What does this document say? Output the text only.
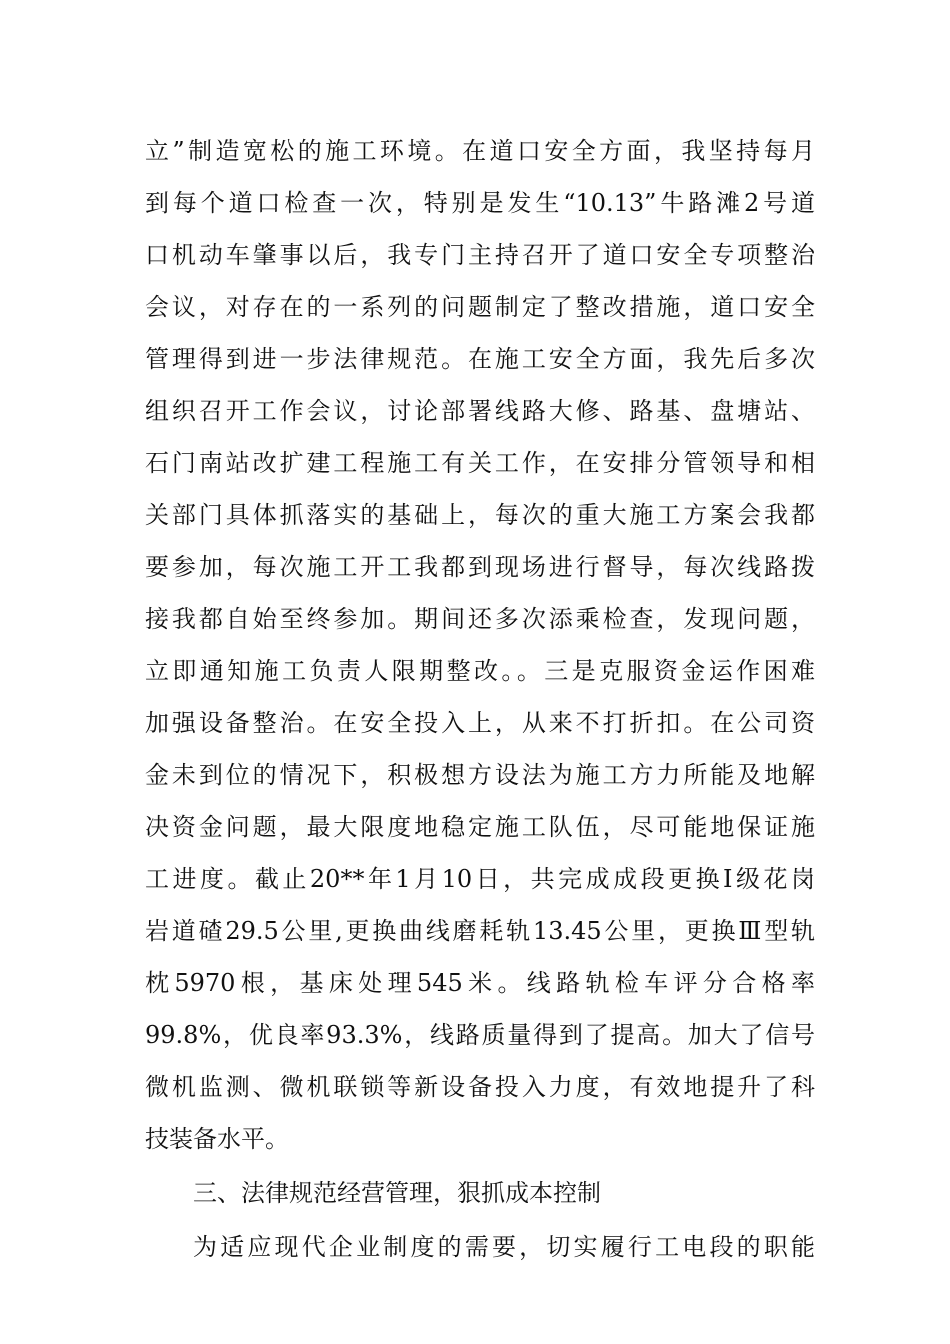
立”制造宽松的施工环境。在道口安全方面，我坚持每月
到每个道口检查一次，特别是发生“10.13”牛路滩2号道
口机动车肇事以后，我专门主持召开了道口安全专项整治
会议，对存在的一系列的问题制定了整改措施，道口安全
管理得到进一步法律规范。在施工安全方面，我先后多次
组织召开工作会议，讨论部署线路大修、路基、盘塘站、
石门南站改扩建工程施工有关工作，在安排分管领导和相
关部门具体抓落实的基础上，每次的重大施工方案会我都
要参加，每次施工开工我都到现场进行督导，每次线路拨
接我都自始至终参加。期间还多次添乘检查，发现问题，
立即通知施工负责人限期整改。。三是克服资金运作困难
加强设备整治。在安全投入上，从来不打折扣。在公司资
金未到位的情况下，积极想方设法为施工方力所能及地解
决资金问题，最大限度地稳定施工队伍，尽可能地保证施
工进度。截止20**年1月10日，共完成成段更换Ⅰ级花岗
岩道碴29.5公里,更换曲线磨耗轨13.45公里，更换Ⅲ型轨
枕5970根，基床处理545米。线路轨检车评分合格率
99.8%，优良率93.3%，线路质量得到了提高。加大了信号
微机监测、微机联锁等新设备投入力度，有效地提升了科
技装备水平。
三、法律规范经营管理，狠抓成本控制
为适应现代企业制度的需要，切实履行工电段的职能
